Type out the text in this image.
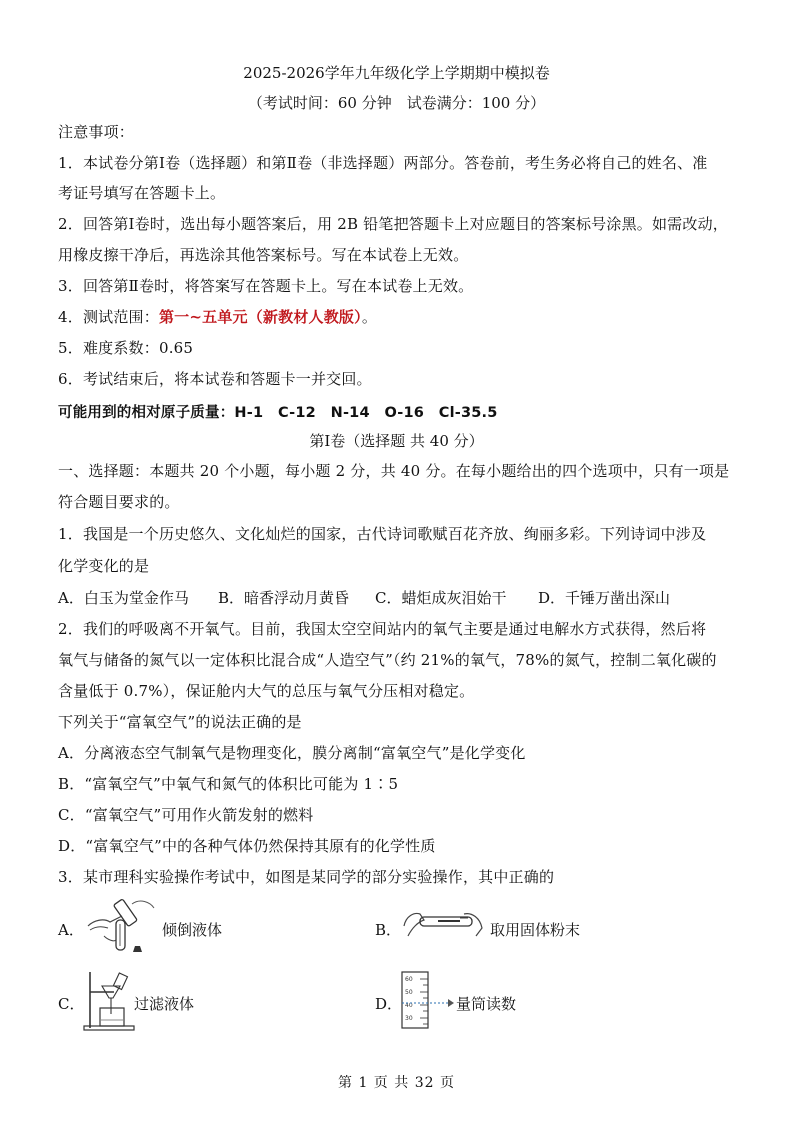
2025-2026学年九年级化学上学期期中模拟卷
（考试时间：60 分钟　试卷满分：100 分）
注意事项：
1．本试卷分第Ⅰ卷（选择题）和第Ⅱ卷（非选择题）两部分。答卷前，考生务必将自己的姓名、准
考证号填写在答题卡上。
2．回答第Ⅰ卷时，选出每小题答案后，用 2B 铅笔把答题卡上对应题目的答案标号涂黑。如需改动，
用橡皮擦干净后，再选涂其他答案标号。写在本试卷上无效。
3．回答第Ⅱ卷时，将答案写在答题卡上。写在本试卷上无效。
4．测试范围：第一~五单元（新教材人教版）。
5．难度系数：0.65
6．考试结束后，将本试卷和答题卡一并交回。
可能用到的相对原子质量：H-1　C-12　N-14　O-16　Cl-35.5
第Ⅰ卷（选择题 共 40 分）
一、选择题：本题共 20 个小题，每小题 2 分，共 40 分。在每小题给出的四个选项中，只有一项是
符合题目要求的。
1．我国是一个历史悠久、文化灿烂的国家，古代诗词歌赋百花齐放、绚丽多彩。下列诗词中涉及
化学变化的是
A．白玉为堂金作马 B．暗香浮动月黄昏 C．蜡炬成灰泪始干 D．千锤万凿出深山
2．我们的呼吸离不开氧气。目前，我国太空空间站内的氧气主要是通过电解水方式获得，然后将
氧气与储备的氮气以一定体积比混合成“人造空气”（约 21%的氧气，78%的氮气，控制二氧化碳的
含量低于 0.7%），保证舱内大气的总压与氧气分压相对稳定。
下列关于“富氧空气”的说法正确的是
A．分离液态空气制氧气是物理变化，膜分离制“富氧空气”是化学变化
B．“富氧空气”中氧气和氮气的体积比可能为 1∶5
C．“富氧空气”可用作火箭发射的燃料
D．“富氧空气”中的各种气体仍然保持其原有的化学性质
3．某市理科实验操作考试中，如图是某同学的部分实验操作，其中正确的
A．	倾倒液体	B．	取用固体粉末
C．	过滤液体	D．
60
50
40
30
量筒读数
第 1 页 共 32 页
